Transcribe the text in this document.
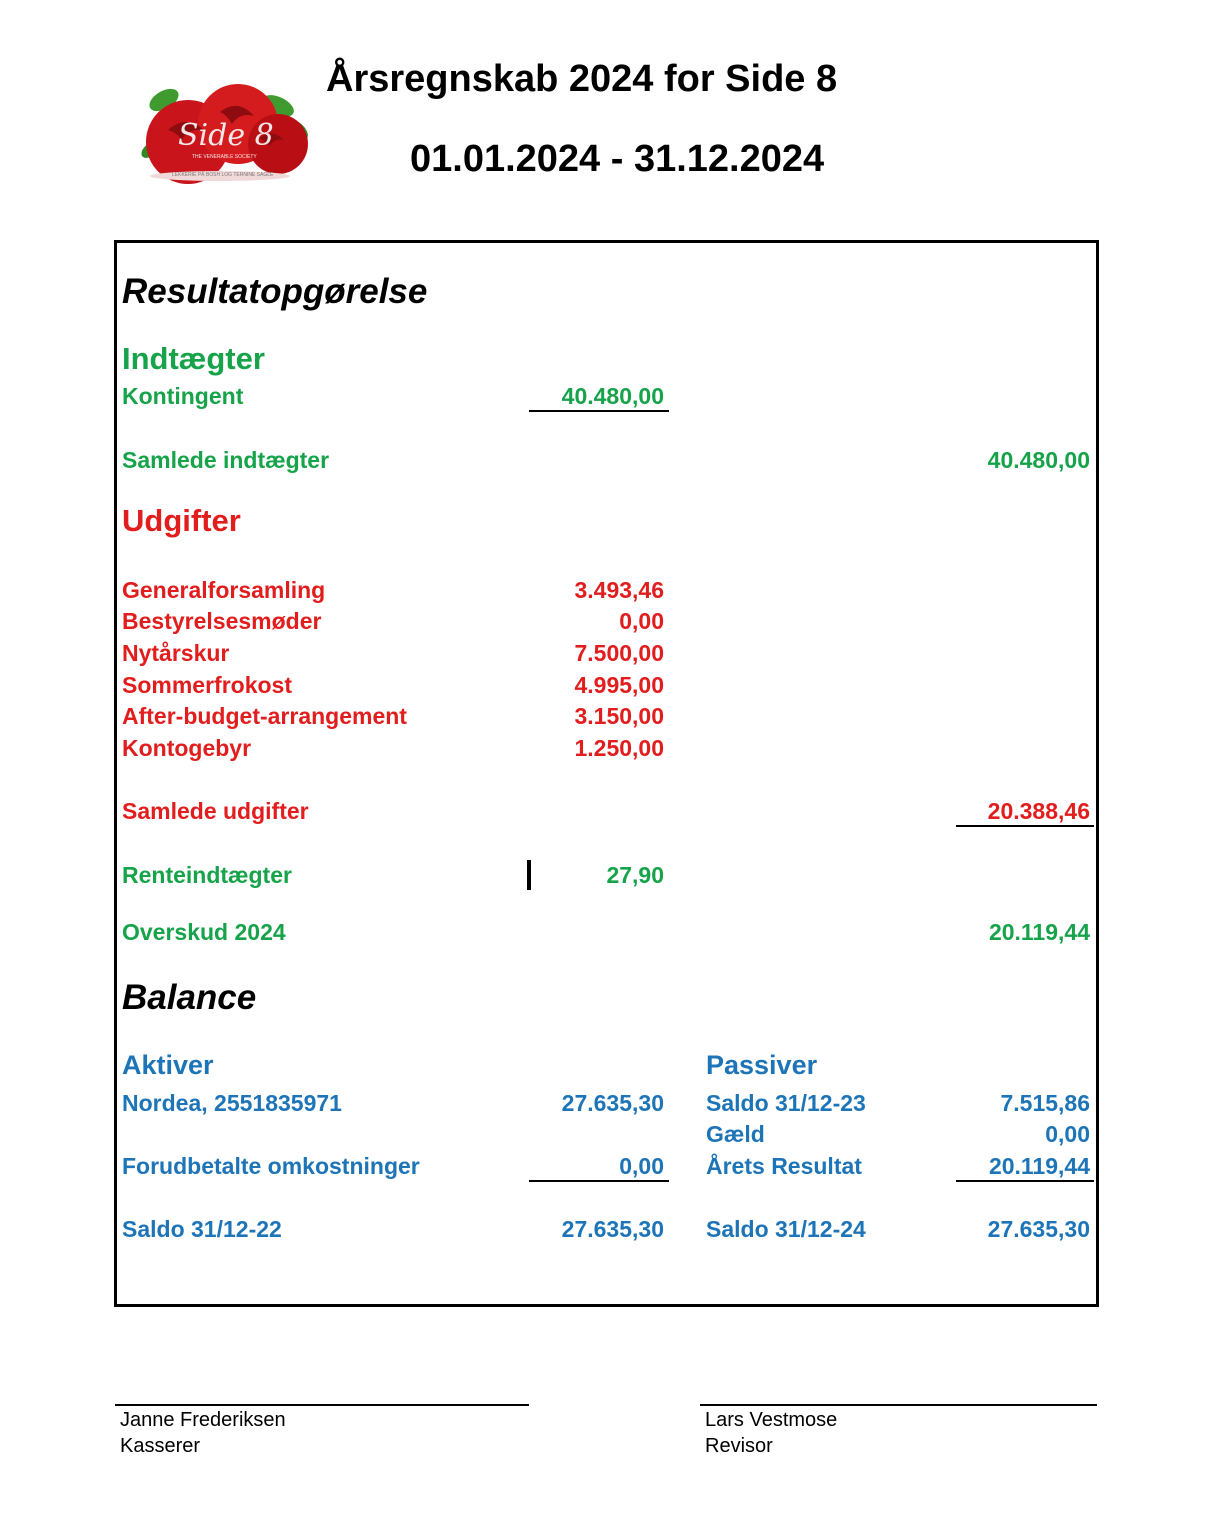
Side 8
THE VENERABLE SOCIETY
LEKKERIE PÅ BOSH LOG TERNINE SAGLE
Årsregnskab 2024 for Side 8
01.01.2024 - 31.12.2024
Resultatopgørelse
Indtægter
Kontingent	40.480,00
Samlede indtægter	40.480,00
Udgifter
Generalforsamling	3.493,46
Bestyrelsesmøder	0,00
Nytårskur	7.500,00
Sommerfrokost	4.995,00
After-budget-arrangement	3.150,00
Kontogebyr	1.250,00
Samlede udgifter	20.388,46
Renteindtægter	27,90
Overskud 2024	20.119,44
Balance
Aktiver	Passiver
Nordea, 2551835971	27.635,30 Saldo 31/12-23	7.515,86
Gæld	0,00
Forudbetalte omkostninger	0,00 Årets Resultat	20.119,44
Saldo 31/12-22	27.635,30 Saldo 31/12-24	27.635,30
Janne Frederiksen
Kasserer
Lars Vestmose
Revisor
